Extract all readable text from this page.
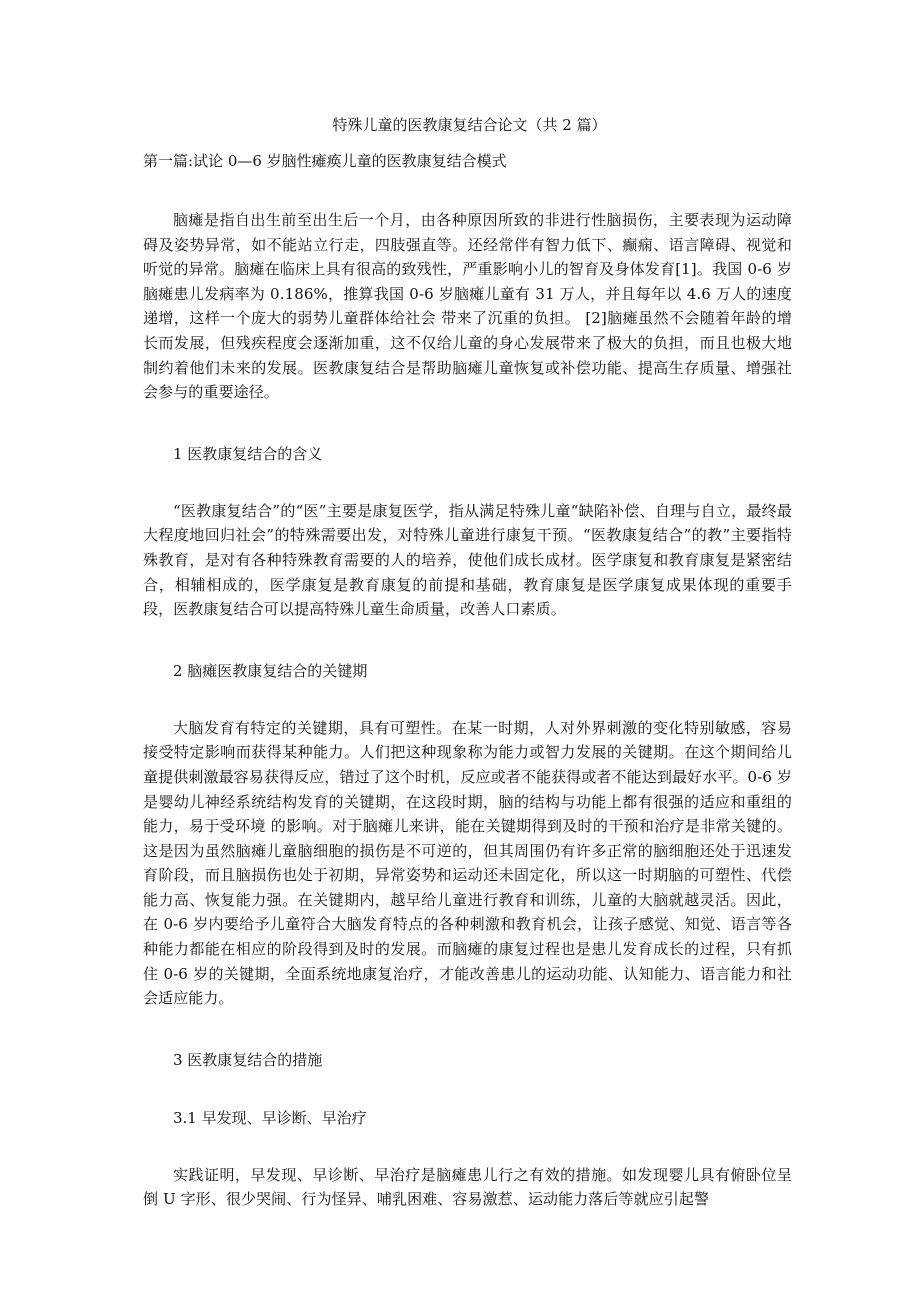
特殊儿童的医教康复结合论文（共 2 篇）
第一篇:试论 0—6 岁脑性瘫痪儿童的医教康复结合模式

脑瘫是指自出生前至出生后一个月，由各种原因所致的非进行性脑损伤，主要表现为运动障碍及姿势异常，如不能站立行走，四肢强直等。还经常伴有智力低下、癫痫、语言障碍、视觉和听觉的异常。脑瘫在临床上具有很高的致残性，严重影响小儿的智育及身体发育[1]。我国 0-6 岁脑瘫患儿发病率为 0.186%，推算我国 0-6 岁脑瘫儿童有 31 万人，并且每年以 4.6 万人的速度递增，这样一个庞大的弱势儿童群体给社会 带来了沉重的负担。 [2]脑瘫虽然不会随着年龄的增长而发展，但残疾程度会逐渐加重，这不仅给儿童的身心发展带来了极大的负担，而且也极大地制约着他们未来的发展。医教康复结合是帮助脑瘫儿童恢复或补偿功能、提高生存质量、增强社会参与的重要途径。

1 医教康复结合的含义

“医教康复结合”的“医”主要是康复医学，指从满足特殊儿童“缺陷补偿、自理与自立，最终最大程度地回归社会”的特殊需要出发，对特殊儿童进行康复干预。“医教康复结合”的教”主要指特殊教育，是对有各种特殊教育需要的人的培养，使他们成长成材。医学康复和教育康复是紧密结合，相辅相成的，医学康复是教育康复的前提和基础，教育康复是医学康复成果体现的重要手段，医教康复结合可以提高特殊儿童生命质量，改善人口素质。

2 脑瘫医教康复结合的关键期

大脑发育有特定的关键期，具有可塑性。在某一时期，人对外界刺激的变化特别敏感，容易接受特定影响而获得某种能力。人们把这种现象称为能力或智力发展的关键期。在这个期间给儿童提供刺激最容易获得反应，错过了这个时机，反应或者不能获得或者不能达到最好水平。0-6 岁是婴幼儿神经系统结构发育的关键期，在这段时期，脑的结构与功能上都有很强的适应和重组的能力，易于受环境 的影响。对于脑瘫儿来讲，能在关键期得到及时的干预和治疗是非常关键的。这是因为虽然脑瘫儿童脑细胞的损伤是不可逆的，但其周围仍有许多正常的脑细胞还处于迅速发育阶段，而且脑损伤也处于初期，异常姿势和运动还未固定化，所以这一时期脑的可塑性、代偿能力高、恢复能力强。在关键期内，越早给儿童进行教育和训练，儿童的大脑就越灵活。因此，在 0-6 岁内要给予儿童符合大脑发育特点的各种刺激和教育机会，让孩子感觉、知觉、语言等各种能力都能在相应的阶段得到及时的发展。而脑瘫的康复过程也是患儿发育成长的过程，只有抓住 0-6 岁的关键期，全面系统地康复治疗，才能改善患儿的运动功能、认知能力、语言能力和社会适应能力。

3 医教康复结合的措施
3.1 早发现、早诊断、早治疗

实践证明，早发现、早诊断、早治疗是脑瘫患儿行之有效的措施。如发现婴儿具有俯卧位呈倒 U 字形、很少哭闹、行为怪异、哺乳困难、容易激惹、运动能力落后等就应引起警
